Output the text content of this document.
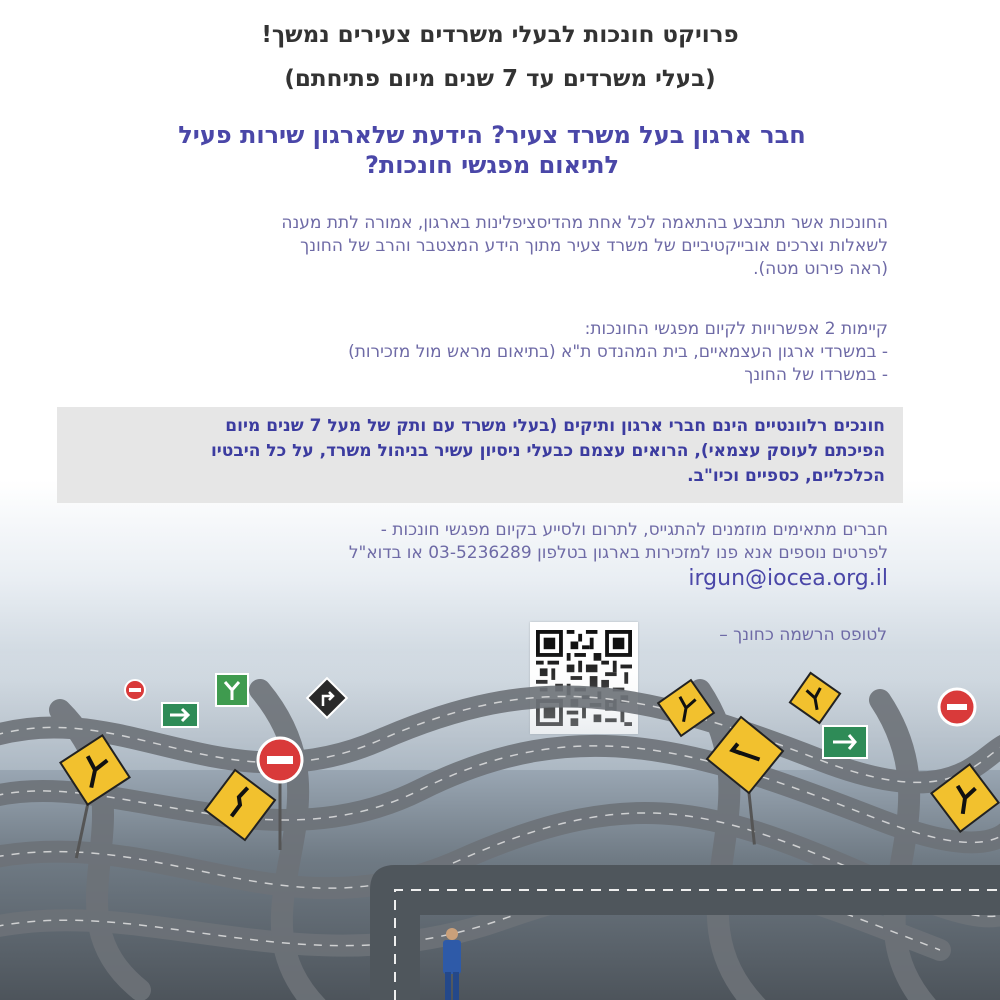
פרויקט חונכות לבעלי משרדים צעירים נמשך!
(בעלי משרדים עד 7 שנים מיום פתיחתם)
חבר ארגון בעל משרד צעיר? הידעת שלארגון שירות פעיל
לתיאום מפגשי חונכות?
החונכות אשר תתבצע בהתאמה לכל אחת מהדיסציפלינות בארגון, אמורה לתת מענה
לשאלות וצרכים אובייקטיביים של משרד צעיר מתוך הידע המצטבר והרב של החונך
(ראה פירוט מטה).
קיימות 2 אפשרויות לקיום מפגשי החונכות:
- במשרדי ארגון העצמאיים, בית המהנדס ת"א (בתיאום מראש מול מזכירות)
- במשרדו של החונך
חונכים רלוונטיים הינם חברי ארגון ותיקים (בעלי משרד עם ותק של מעל 7 שנים מיום
הפיכתם לעוסק עצמאי), הרואים עצמם כבעלי ניסיון עשיר בניהול משרד, על כל היבטיו
הכלכליים, כספיים וכיו"ב.
חברים מתאימים מוזמנים להתגייס, לתרום ולסייע בקיום מפגשי חונכות -
לפרטים נוספים אנא פנו למזכירות בארגון בטלפון 03-5236289 או בדוא"ל
irgun@iocea.org.il
לטופס הרשמה כחונך –
